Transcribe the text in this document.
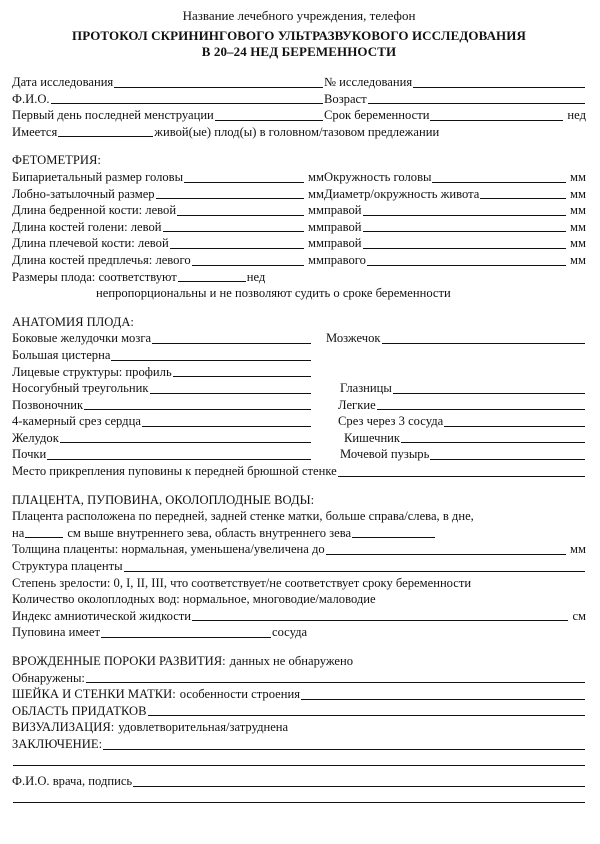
Название лечебного учреждения, телефон
ПРОТОКОЛ СКРИНИНГОВОГО УЛЬТРАЗВУКОВОГО ИССЛЕДОВАНИЯ
В 20–24 НЕД БЕРЕМЕННОСТИ
Дата исследования	№ исследования
Ф.И.О.	Возраст
Первый день последней менструации	Срок беременности	нед
Имеется	живой(ые) плод(ы) в головном/тазовом предлежании
ФЕТОМЕТРИЯ:
Бипариетальный размер головы	мм Окружность головы	мм
Лобно-затылочный размер	мм Диаметр/окружность живота	мм
Длина бедренной кости: левой	мм правой	мм
Длина костей голени: левой	мм правой	мм
Длина плечевой кости: левой	мм правой	мм
Длина костей предплечья: левого	мм правого	мм
Размеры плода: соответствуют	нед
непропорциональны и не позволяют судить о сроке беременности
АНАТОМИЯ ПЛОДА:
Боковые желудочки мозга	Мозжечок
Большая цистерна
Лицевые структуры: профиль
Носогубный треугольник	Глазницы
Позвоночник	Легкие
4-камерный срез сердца	Срез через 3 сосуда
Желудок	Кишечник
Почки	Мочевой пузырь
Место прикрепления пуповины к передней брюшной стенке
ПЛАЦЕНТА, ПУПОВИНА, ОКОЛОПЛОДНЫЕ ВОДЫ:
Плацента расположена по передней, задней стенке матки, больше справа/слева, в дне,
на	см выше внутреннего зева, область внутреннего зева
Толщина плаценты: нормальная, уменьшена/увеличена до	мм
Структура плаценты
Степень зрелости: 0, I, II, III, что соответствует/не соответствует сроку беременности
Количество околоплодных вод: нормальное, многоводие/маловодие
Индекс амниотической жидкости	см
Пуповина имеет	сосуда
ВРОЖДЕННЫЕ ПОРОКИ РАЗВИТИЯ: данных не обнаружено
Обнаружены:
ШЕЙКА И СТЕНКИ МАТКИ: особенности строения
ОБЛАСТЬ ПРИДАТКОВ
ВИЗУАЛИЗАЦИЯ: удовлетворительная/затруднена
ЗАКЛЮЧЕНИЕ:
Ф.И.О. врача, подпись
